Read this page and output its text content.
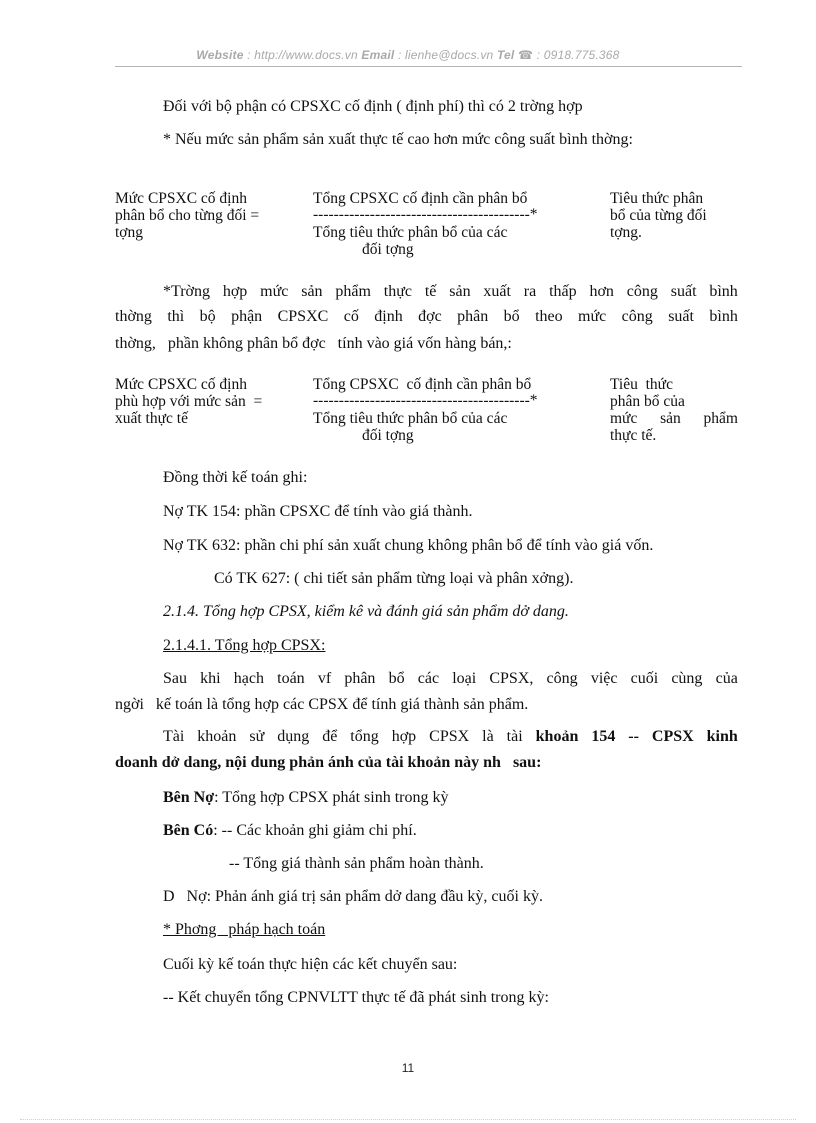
Website : http://www.docs.vn Email : lienhe@docs.vn Tel ☎ : 0918.775.368
Đối với bộ phận có CPSXC cố định ( định phí) thì có 2 trờng hợp
* Nếu mức sản phẩm sản xuất thực tế cao hơn mức công suất bình thờng:
Mức CPSXC cố định
phân bổ cho từng đối =
tợng
Tổng CPSXC cố định cần phân bổ
------------------------------------------*
Tổng tiêu thức phân bổ của các
đối tợng
Tiêu thức phân
bổ của từng đối
tợng.
*Trờng hợp mức sản phẩm thực tế sản xuất ra thấp hơn công suất bình
thờng thì bộ phận CPSXC cố định đợc phân bổ theo mức công suất bình
thờng,   phần không phân bổ đợc   tính vào giá vốn hàng bán,:
Mức CPSXC cố định
phù hợp với mức sản  =
xuất thực tế
Tổng CPSXC  cố định cần phân bổ
------------------------------------------*
Tổng tiêu thức phân bổ của các
đối tợng
Tiêu  thức
phân bổ của
mức sản phẩm
thực tế.
Đồng thời kế toán ghi:
Nợ TK 154: phần CPSXC để tính vào giá thành.
Nợ TK 632: phần chi phí sản xuất chung không phân bổ để tính vào giá vốn.
Có TK 627: ( chi tiết sản phẩm từng loại và phân xởng).
2.1.4. Tổng hợp CPSX, kiểm kê và đánh giá sản phẩm dở dang.
2.1.4.1. Tổng hợp CPSX:
Sau khi hạch toán vf phân bổ các loại CPSX, công việc cuối cùng của
ngời   kế toán là tổng hợp các CPSX để tính giá thành sản phẩm.
Tài khoản sử dụng để tổng hợp CPSX là tài khoản 154 -- CPSX kinh
doanh dở dang, nội dung phản ánh của tài khoản này nh   sau:
Bên Nợ: Tổng hợp CPSX phát sinh trong kỳ
Bên Có: -- Các khoản ghi giảm chi phí.
-- Tổng giá thành sản phẩm hoàn thành.
D   Nợ: Phản ánh giá trị sản phẩm dở dang đầu kỳ, cuối kỳ.
* Phơng   pháp hạch toán
Cuối kỳ kế toán thực hiện các kết chuyển sau:
-- Kết chuyển tổng CPNVLTT thực tế đã phát sinh trong kỳ:
11
